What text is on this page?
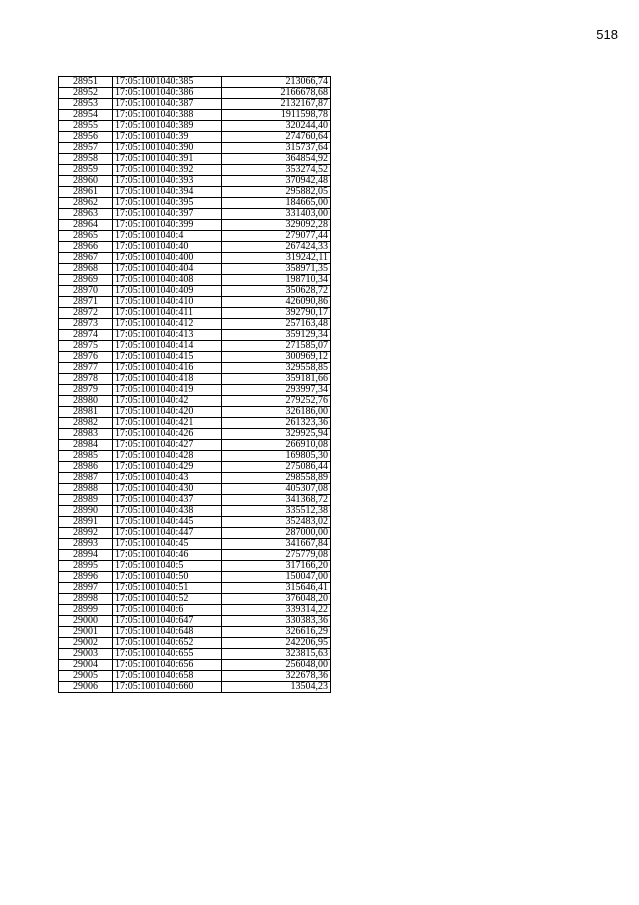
518
28951	17:05:1001040:385	213066,74
28952	17:05:1001040:386	2166678,68
28953	17:05:1001040:387	2132167,87
28954	17:05:1001040:388	1911598,78
28955	17:05:1001040:389	320244,40
28956	17:05:1001040:39	274760,64
28957	17:05:1001040:390	315737,64
28958	17:05:1001040:391	364854,92
28959	17:05:1001040:392	353274,52
28960	17:05:1001040:393	370942,48
28961	17:05:1001040:394	295882,05
28962	17:05:1001040:395	184665,00
28963	17:05:1001040:397	331403,00
28964	17:05:1001040:399	329092,28
28965	17:05:1001040:4	279077,44
28966	17:05:1001040:40	267424,33
28967	17:05:1001040:400	319242,11
28968	17:05:1001040:404	358971,35
28969	17:05:1001040:408	198710,34
28970	17:05:1001040:409	350628,72
28971	17:05:1001040:410	426090,86
28972	17:05:1001040:411	392790,17
28973	17:05:1001040:412	257163,48
28974	17:05:1001040:413	359129,34
28975	17:05:1001040:414	271585,07
28976	17:05:1001040:415	300969,12
28977	17:05:1001040:416	329558,85
28978	17:05:1001040:418	359181,66
28979	17:05:1001040:419	293997,34
28980	17:05:1001040:42	279252,76
28981	17:05:1001040:420	326186,00
28982	17:05:1001040:421	261323,36
28983	17:05:1001040:426	329925,94
28984	17:05:1001040:427	266910,08
28985	17:05:1001040:428	169805,30
28986	17:05:1001040:429	275086,44
28987	17:05:1001040:43	298558,89
28988	17:05:1001040:430	405307,08
28989	17:05:1001040:437	341368,72
28990	17:05:1001040:438	335512,38
28991	17:05:1001040:445	352483,02
28992	17:05:1001040:447	287000,00
28993	17:05:1001040:45	341667,84
28994	17:05:1001040:46	275779,08
28995	17:05:1001040:5	317166,20
28996	17:05:1001040:50	150047,00
28997	17:05:1001040:51	315646,41
28998	17:05:1001040:52	376048,20
28999	17:05:1001040:6	339314,22
29000	17:05:1001040:647	330383,36
29001	17:05:1001040:648	326616,29
29002	17:05:1001040:652	242206,95
29003	17:05:1001040:655	323815,63
29004	17:05:1001040:656	256048,00
29005	17:05:1001040:658	322678,36
29006	17:05:1001040:660	13504,23
